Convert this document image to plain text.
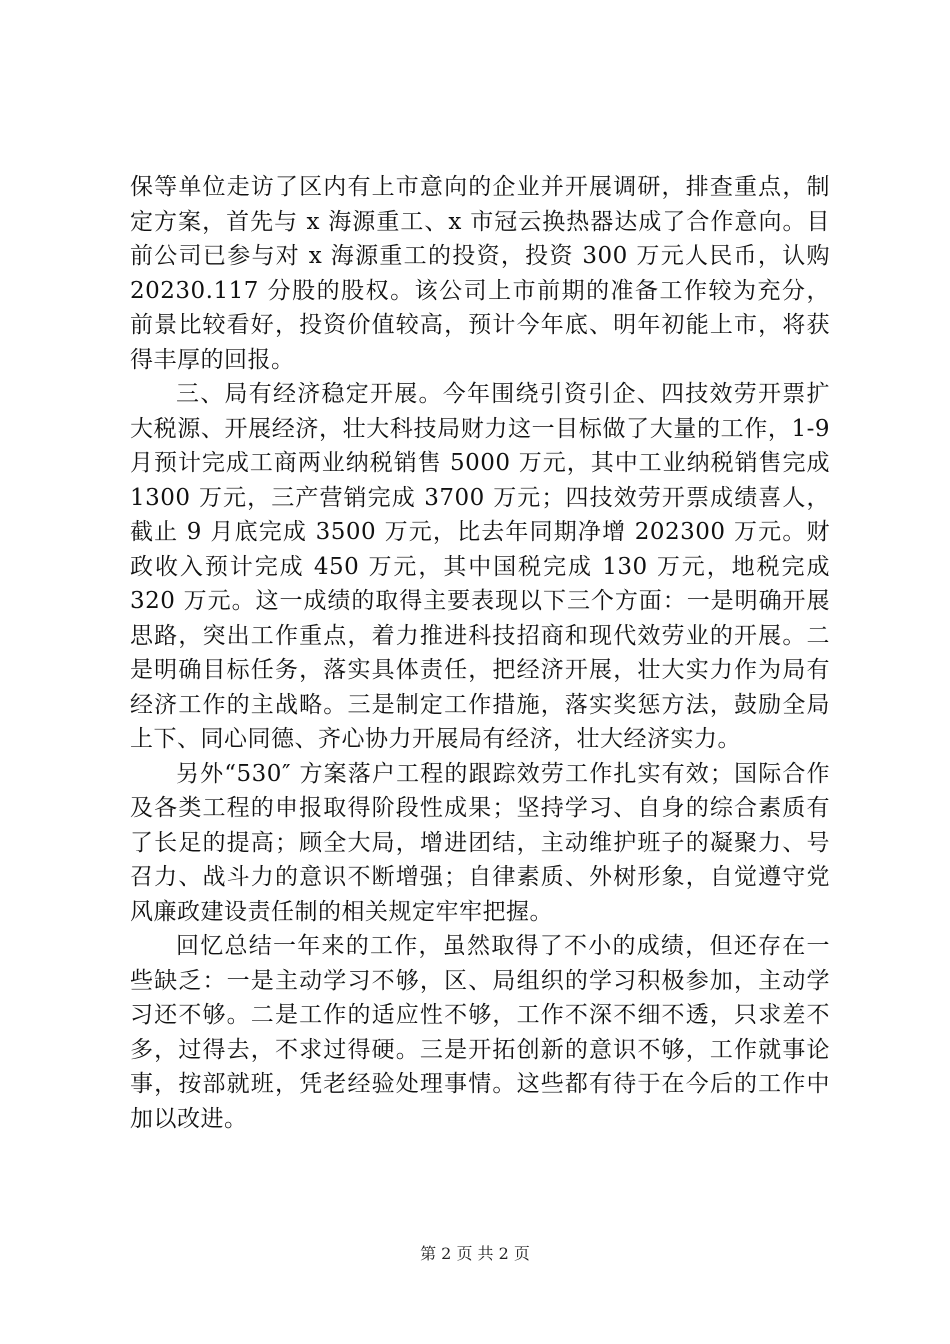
保等单位走访了区内有上市意向的企业并开展调研，排查重点，制定方案，首先与 x 海源重工、x 市冠云换热器达成了合作意向。目前公司已参与对 x 海源重工的投资，投资 300 万元人民币，认购 20230.117 分股的股权。该公司上市前期的准备工作较为充分，前景比较看好，投资价值较高，预计今年底、明年初能上市，将获得丰厚的回报。

三、局有经济稳定开展。今年围绕引资引企、四技效劳开票扩大税源、开展经济，壮大科技局财力这一目标做了大量的工作，1-9 月预计完成工商两业纳税销售 5000 万元，其中工业纳税销售完成 1300 万元，三产营销完成 3700 万元；四技效劳开票成绩喜人，截止 9 月底完成 3500 万元，比去年同期净增 202300 万元。财政收入预计完成 450 万元，其中国税完成 130 万元，地税完成 320 万元。这一成绩的取得主要表现以下三个方面：一是明确开展思路，突出工作重点，着力推进科技招商和现代效劳业的开展。二是明确目标任务，落实具体责任，把经济开展，壮大实力作为局有经济工作的主战略。三是制定工作措施，落实奖惩方法，鼓励全局上下、同心同德、齐心协力开展局有经济，壮大经济实力。

另外“530″ 方案落户工程的跟踪效劳工作扎实有效；国际合作及各类工程的申报取得阶段性成果；坚持学习、自身的综合素质有了长足的提高；顾全大局，增进团结，主动维护班子的凝聚力、号召力、战斗力的意识不断增强；自律素质、外树形象，自觉遵守党风廉政建设责任制的相关规定牢牢把握。

回忆总结一年来的工作，虽然取得了不小的成绩，但还存在一些缺乏：一是主动学习不够，区、局组织的学习积极参加，主动学习还不够。二是工作的适应性不够，工作不深不细不透，只求差不多，过得去，不求过得硬。三是开拓创新的意识不够，工作就事论事，按部就班，凭老经验处理事情。这些都有待于在今后的工作中加以改进。

第 2 页 共 2 页
